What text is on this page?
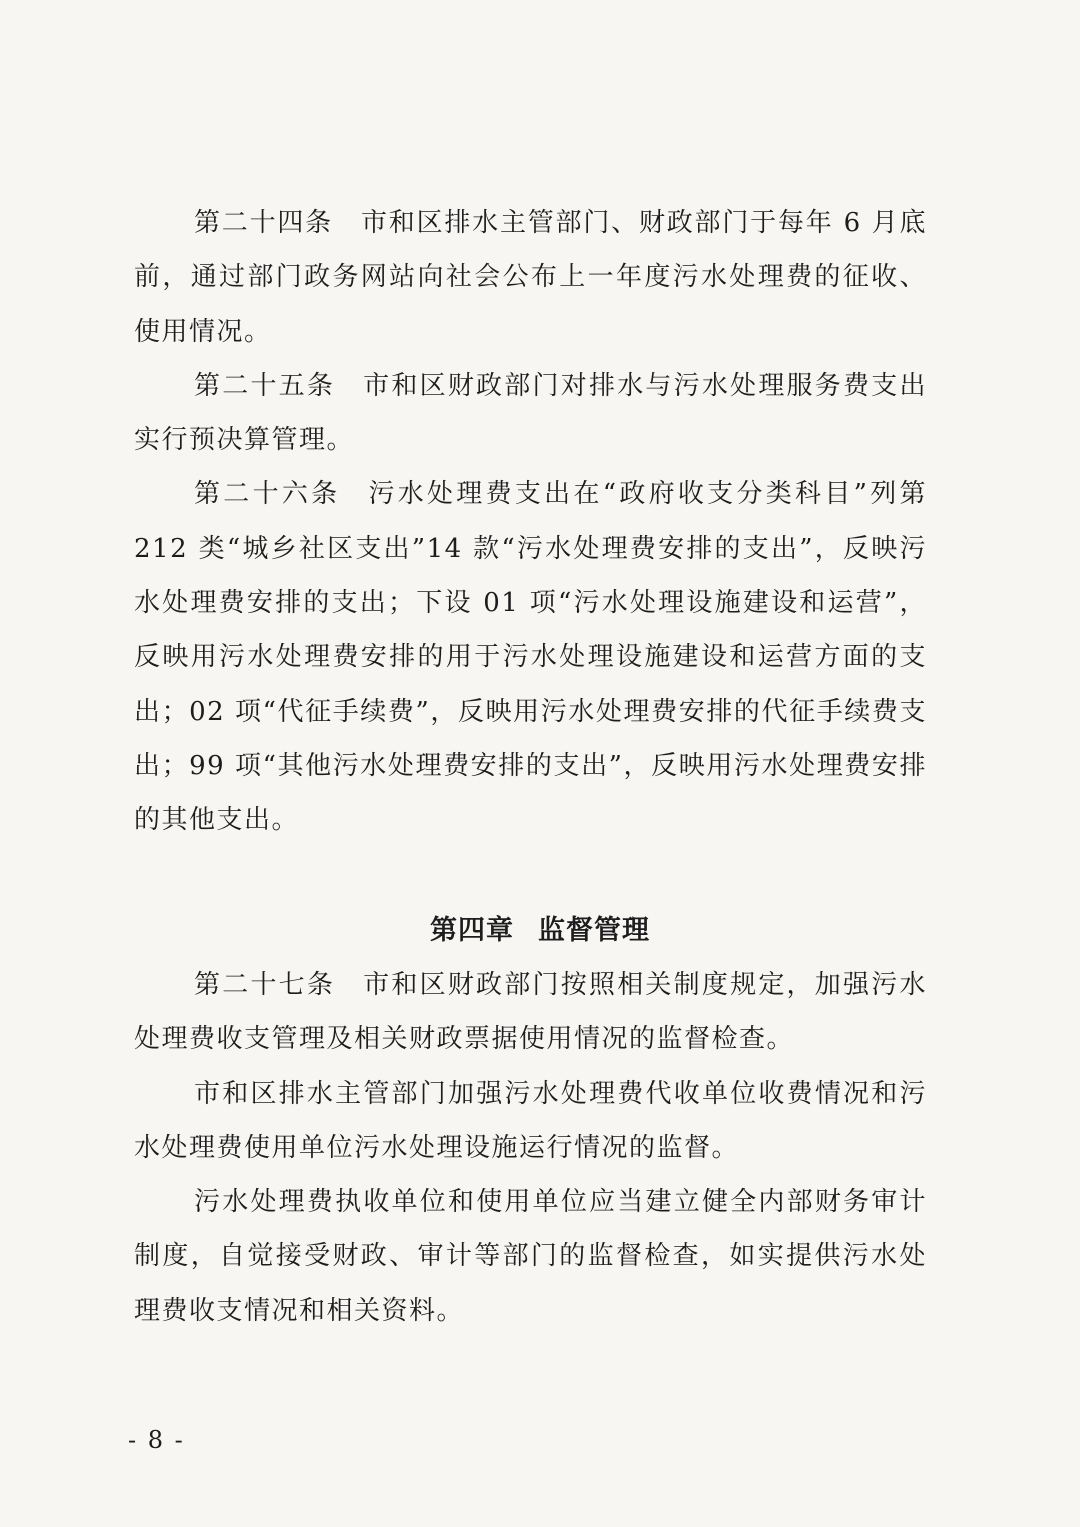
第二十四条 市和区排水主管部门、财政部门于每年 6 月底前，通过部门政务网站向社会公布上一年度污水处理费的征收、使用情况。

第二十五条 市和区财政部门对排水与污水处理服务费支出实行预决算管理。

第二十六条 污水处理费支出在“政府收支分类科目”列第 212 类“城乡社区支出”14 款“污水处理费安排的支出”，反映污水处理费安排的支出；下设 01 项“污水处理设施建设和运营”，反映用污水处理费安排的用于污水处理设施建设和运营方面的支出；02 项“代征手续费”，反映用污水处理费安排的代征手续费支出；99 项“其他污水处理费安排的支出”，反映用污水处理费安排的其他支出。

第四章 监督管理

第二十七条 市和区财政部门按照相关制度规定，加强污水处理费收支管理及相关财政票据使用情况的监督检查。

市和区排水主管部门加强污水处理费代收单位收费情况和污水处理费使用单位污水处理设施运行情况的监督。

污水处理费执收单位和使用单位应当建立健全内部财务审计制度，自觉接受财政、审计等部门的监督检查，如实提供污水处理费收支情况和相关资料。

- 8 -
